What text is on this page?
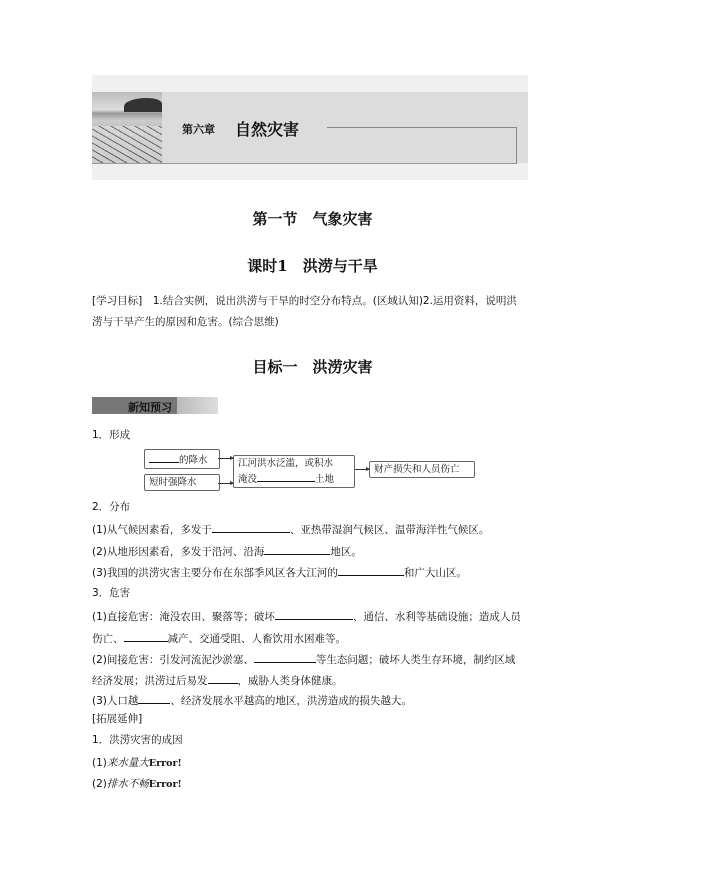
第六章 自然灾害
第一节　气象灾害
课时1　洪涝与干旱
[学习目标]　 1.结合实例，说出洪涝与干旱的时空分布特点。(区域认知)2.运用资料，说明洪
涝与干旱产生的原因和危害。(综合思维)
目标一　洪涝灾害
新知预习
1．形成
的降水
短时强降水
江河洪水泛滥，或积水
淹没	土地
财产损失和人员伤亡
2．分布
(1)从气候因素看，多发于	、亚热带湿润气候区、温带海洋性气候区。
(2)从地形因素看，多发于沿河、沿海	地区。
(3)我国的洪涝灾害主要分布在东部季风区各大江河的	和广大山区。
3．危害
(1)直接危害：淹没农田、聚落等；破坏	、通信、水利等基础设施；造成人员
伤亡、	减产、交通受阻、人畜饮用水困难等。
(2)间接危害：引发河流泥沙淤塞、	等生态问题；破坏人类生存环境，制约区域
经济发展；洪涝过后易发	，威胁人类身体健康。
(3)人口越	、经济发展水平越高的地区，洪涝造成的损失越大。
[拓展延伸]
1．洪涝灾害的成因
(1)来水量大Error!
(2)排水不畅Error!
